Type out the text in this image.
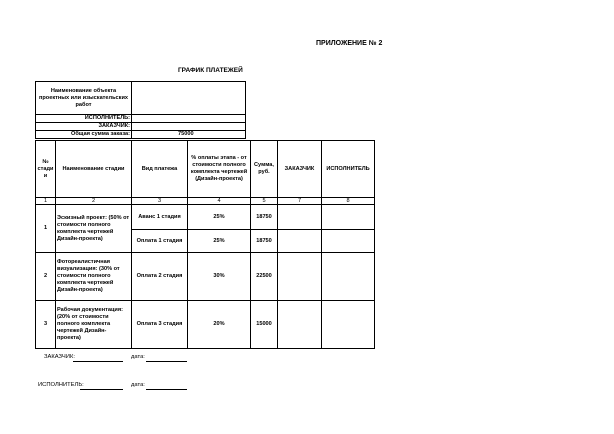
ПРИЛОЖЕНИЕ № 2
ГРАФИК ПЛАТЕЖЕЙ
Наименование объекта проектных или изыскательских работ	
ИСПОЛНИТЕЛЬ:	
ЗАКАЗЧИК:	
Общая сумма заказа:	75000
№ стади и	Наименование стадии	Вид платежа	% оплаты этапа - от стоимости полного комплекта чертежей (Дизайн-проекта)	Сумма, руб.	ЗАКАЗЧИК	ИСПОЛНИТЕЛЬ
1	2	3	4	5	7	8
1	Эскизный проект: (50% от стоимости полного комплекта чертежей Дизайн-проекта)	Аванс 1 стадия	25%	18750		
		Оплата 1 стадия	25%	18750		
2	Фотореалистичная визуализация: (30% от стоимости полного комплекта чертежей Дизайн-проекта)	Оплата 2 стадия	30%	22500		
3	Рабочая документация: (20% от стоимости полного комплекта чертежей Дизайн-проекта)	Оплата 3 стадия	20%	15000		
ЗАКАЗЧИК:	дата:
ИСПОЛНИТЕЛЬ:	дата:
